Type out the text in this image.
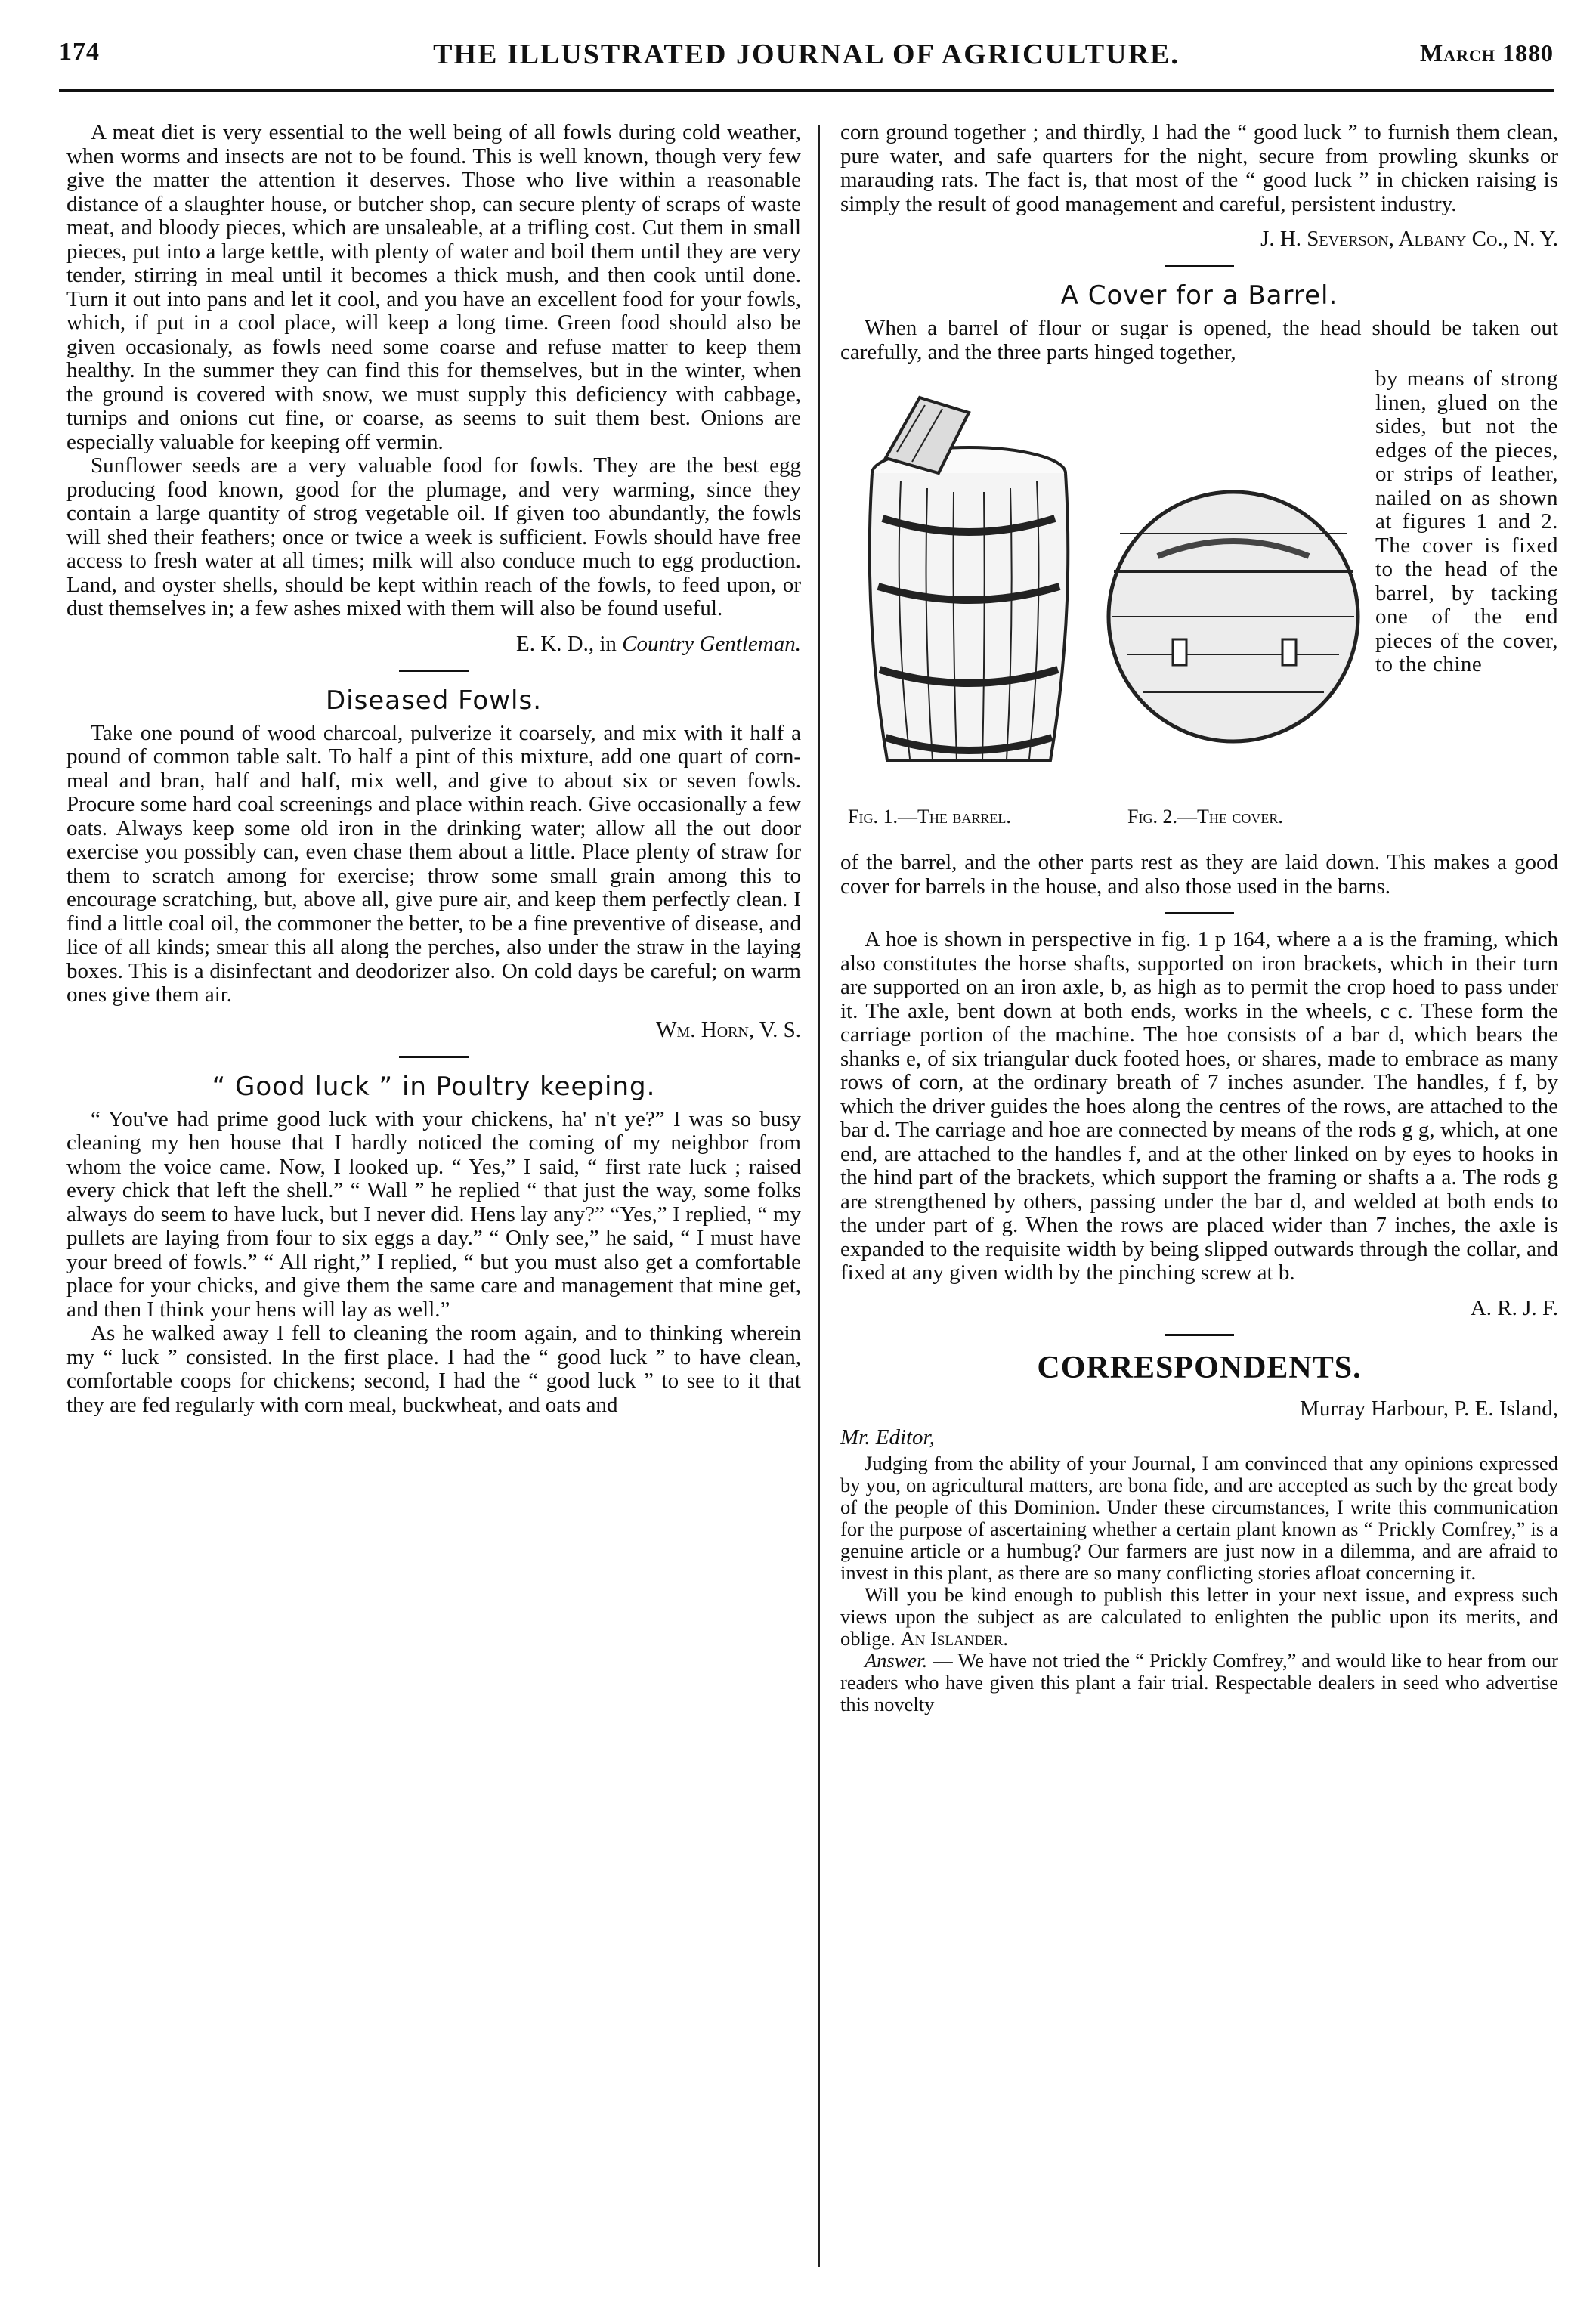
174	THE ILLUSTRATED JOURNAL OF AGRICULTURE.	March 1880

A meat diet is very essential to the well being of all fowls during cold weather, when worms and insects are not to be found. This is well known, though very few give the matter the attention it deserves. Those who live within a reasonable distance of a slaughter house, or butcher shop, can secure plenty of scraps of waste meat, and bloody pieces, which are unsaleable, at a trifling cost. Cut them in small pieces, put into a large kettle, with plenty of water and boil them until they are very tender, stirring in meal until it becomes a thick mush, and then cook until done. Turn it out into pans and let it cool, and you have an excellent food for your fowls, which, if put in a cool place, will keep a long time. Green food should also be given occasionaly, as fowls need some coarse and refuse matter to keep them healthy. In the summer they can find this for themselves, but in the winter, when the ground is covered with snow, we must supply this deficiency with cabbage, turnips and onions cut fine, or coarse, as seems to suit them best. Onions are especially valuable for keeping off vermin.

Sunflower seeds are a very valuable food for fowls. They are the best egg producing food known, good for the plumage, and very warming, since they contain a large quantity of strog vegetable oil. If given too abundantly, the fowls will shed their feathers; once or twice a week is sufficient. Fowls should have free access to fresh water at all times; milk will also conduce much to egg production. Land, and oyster shells, should be kept within reach of the fowls, to feed upon, or dust themselves in; a few ashes mixed with them will also be found useful.

E. K. D., in Country Gentleman.
Diseased Fowls.

Take one pound of wood charcoal, pulverize it coarsely, and mix with it half a pound of common table salt. To half a pint of this mixture, add one quart of corn-meal and bran, half and half, mix well, and give to about six or seven fowls. Procure some hard coal screenings and place within reach. Give occasionally a few oats. Always keep some old iron in the drinking water; allow all the out door exercise you possibly can, even chase them about a little. Place plenty of straw for them to scratch among for exercise; throw some small grain among this to encourage scratching, but, above all, give pure air, and keep them perfectly clean. I find a little coal oil, the commoner the better, to be a fine preventive of disease, and lice of all kinds; smear this all along the perches, also under the straw in the laying boxes. This is a disinfectant and deodorizer also. On cold days be careful; on warm ones give them air.

Wm. Horn, V. S.
“ Good luck ” in Poultry keeping.

“ You've had prime good luck with your chickens, ha' n't ye?” I was so busy cleaning my hen house that I hardly noticed the coming of my neighbor from whom the voice came. Now, I looked up. “ Yes,” I said, “ first rate luck ; raised every chick that left the shell.” “ Wall ” he replied “ that just the way, some folks always do seem to have luck, but I never did. Hens lay any?” “Yes,” I replied, “ my pullets are laying from four to six eggs a day.” “ Only see,” he said, “ I must have your breed of fowls.” “ All right,” I replied, “ but you must also get a comfortable place for your chicks, and give them the same care and management that mine get, and then I think your hens will lay as well.”

As he walked away I fell to cleaning the room again, and to thinking wherein my “ luck ” consisted. In the first place. I had the “ good luck ” to have clean, comfortable coops for chickens; second, I had the “ good luck ” to see to it that they are fed regularly with corn meal, buckwheat, and oats and

corn ground together ; and thirdly, I had the “ good luck ” to furnish them clean, pure water, and safe quarters for the night, secure from prowling skunks or marauding rats. The fact is, that most of the “ good luck ” in chicken raising is simply the result of good management and careful, persistent industry.

J. H. Severson, Albany Co., N. Y.
A Cover for a Barrel.

When a barrel of flour or sugar is opened, the head should be taken out carefully, and the three parts hinged together,

Fig. 1.—The barrel.	Fig. 2.—The cover.
by means of strong linen, glued on the sides, but not the edges of the pieces, or strips of leather, nailed on as shown at figures 1 and 2. The cover is fixed to the head of the barrel, by tacking one of the end pieces of the cover, to the chine

of the barrel, and the other parts rest as they are laid down. This makes a good cover for barrels in the house, and also those used in the barns.

A hoe is shown in perspective in fig. 1 p 164, where a a is the framing, which also constitutes the horse shafts, supported on iron brackets, which in their turn are supported on an iron axle, b, as high as to permit the crop hoed to pass under it. The axle, bent down at both ends, works in the wheels, c c. These form the carriage portion of the machine. The hoe consists of a bar d, which bears the shanks e, of six triangular duck footed hoes, or shares, made to embrace as many rows of corn, at the ordinary breath of 7 inches asunder. The handles, f f, by which the driver guides the hoes along the centres of the rows, are attached to the bar d. The carriage and hoe are connected by means of the rods g g, which, at one end, are attached to the handles f, and at the other linked on by eyes to hooks in the hind part of the brackets, which support the framing or shafts a a. The rods g are strengthened by others, passing under the bar d, and welded at both ends to the under part of g. When the rows are placed wider than 7 inches, the axle is expanded to the requisite width by being slipped outwards through the collar, and fixed at any given width by the pinching screw at b.

A. R. J. F.
CORRESPONDENTS.
Murray Harbour, P. E. Island,
Mr. Editor,

Judging from the ability of your Journal, I am convinced that any opinions expressed by you, on agricultural matters, are bona fide, and are accepted as such by the great body of the people of this Dominion. Under these circumstances, I write this communication for the purpose of ascertaining whether a certain plant known as “ Prickly Comfrey,” is a genuine article or a humbug? Our farmers are just now in a dilemma, and are afraid to invest in this plant, as there are so many conflicting stories afloat concerning it.

Will you be kind enough to publish this letter in your next issue, and express such views upon the subject as are calculated to enlighten the public upon its merits, and oblige. An Islander.

Answer. — We have not tried the “ Prickly Comfrey,” and would like to hear from our readers who have given this plant a fair trial. Respectable dealers in seed who advertise this novelty
